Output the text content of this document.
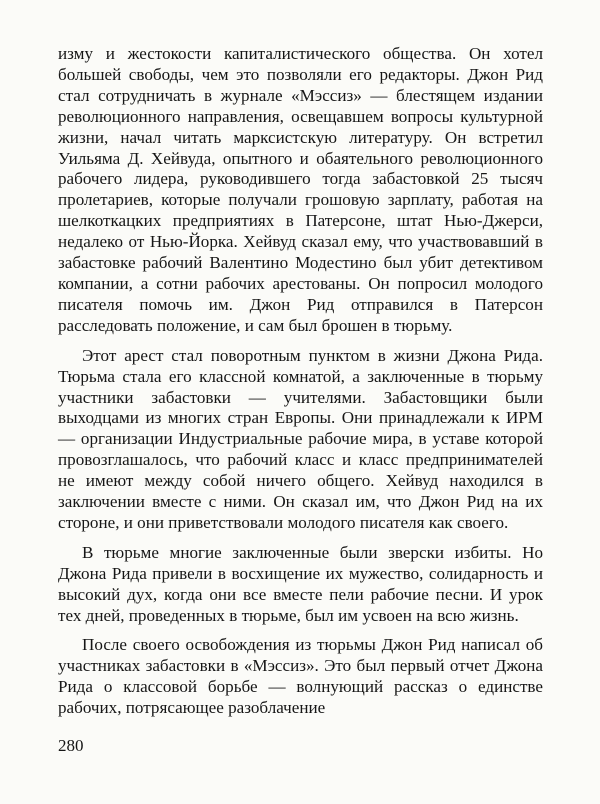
изму и жестокости капиталистического общества. Он хотел большей свободы, чем это позволяли его редакторы. Джон Рид стал сотрудничать в журнале «Мэссиз» — блестящем издании революционного направления, освещавшем вопросы культурной жизни, начал читать марксистскую литературу. Он встретил Уильяма Д. Хейвуда, опытного и обаятельного революционного рабочего лидера, руководившего тогда забастовкой 25 тысяч пролетариев, которые получали грошовую зарплату, работая на шелкоткацких предприятиях в Патерсоне, штат Нью-Джерси, недалеко от Нью-Йорка. Хейвуд сказал ему, что участвовавший в забастовке рабочий Валентино Модестино был убит детективом компании, а сотни рабочих арестованы. Он попросил молодого писателя помочь им. Джон Рид отправился в Патерсон расследовать положение, и сам был брошен в тюрьму.

Этот арест стал поворотным пунктом в жизни Джона Рида. Тюрьма стала его классной комнатой, а заключенные в тюрьму участники забастовки — учителями. Забастовщики были выходцами из многих стран Европы. Они принадлежали к ИРМ — организации Индустриальные рабочие мира, в уставе которой провозглашалось, что рабочий класс и класс предпринимателей не имеют между собой ничего общего. Хейвуд находился в заключении вместе с ними. Он сказал им, что Джон Рид на их стороне, и они приветствовали молодого писателя как своего.

В тюрьме многие заключенные были зверски избиты. Но Джона Рида привели в восхищение их мужество, солидарность и высокий дух, когда они все вместе пели рабочие песни. И урок тех дней, проведенных в тюрьме, был им усвоен на всю жизнь.

После своего освобождения из тюрьмы Джон Рид написал об участниках забастовки в «Мэссиз». Это был первый отчет Джона Рида о классовой борьбе — волнующий рассказ о единстве рабочих, потрясающее разоблачение

280
